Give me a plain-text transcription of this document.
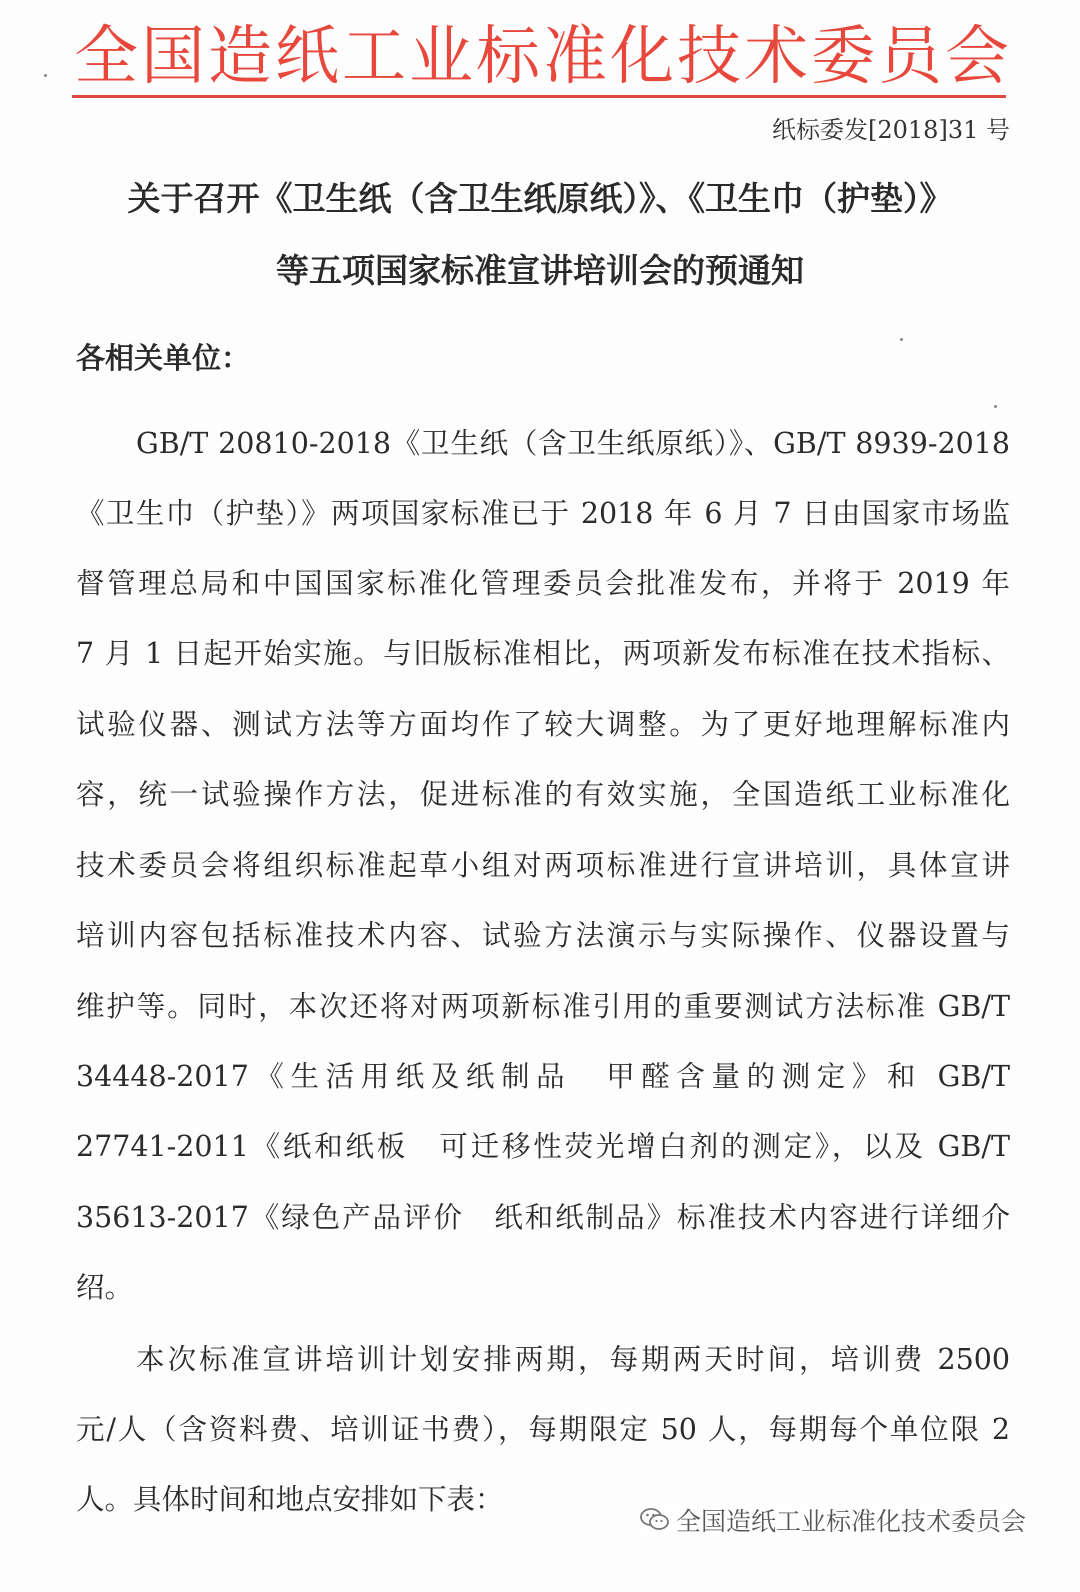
全国造纸工业标准化技术委员会
纸标委发[2018]31 号
关于召开《卫生纸（含卫生纸原纸）》、《卫生巾（护垫）》
等五项国家标准宣讲培训会的预通知
各相关单位：
GB/T 20810-2018《卫生纸（含卫生纸原纸）》、GB/T 8939-2018
《卫生巾（护垫）》两项国家标准已于 2018 年 6 月 7 日由国家市场监
督管理总局和中国国家标准化管理委员会批准发布，并将于 2019 年
7 月 1 日起开始实施。与旧版标准相比，两项新发布标准在技术指标、
试验仪器、测试方法等方面均作了较大调整。为了更好地理解标准内
容，统一试验操作方法，促进标准的有效实施，全国造纸工业标准化
技术委员会将组织标准起草小组对两项标准进行宣讲培训，具体宣讲
培训内容包括标准技术内容、试验方法演示与实际操作、仪器设置与
维护等。同时，本次还将对两项新标准引用的重要测试方法标准 GB/T
34448-2017《生活用纸及纸制品　甲醛含量的测定》和 GB/T
27741-2011《纸和纸板　可迁移性荧光增白剂的测定》，以及 GB/T
35613-2017《绿色产品评价　纸和纸制品》标准技术内容进行详细介
绍。
本次标准宣讲培训计划安排两期，每期两天时间，培训费 2500
元/人（含资料费、培训证书费），每期限定 50 人，每期每个单位限 2
人。具体时间和地点安排如下表：
全国造纸工业标准化技术委员会
